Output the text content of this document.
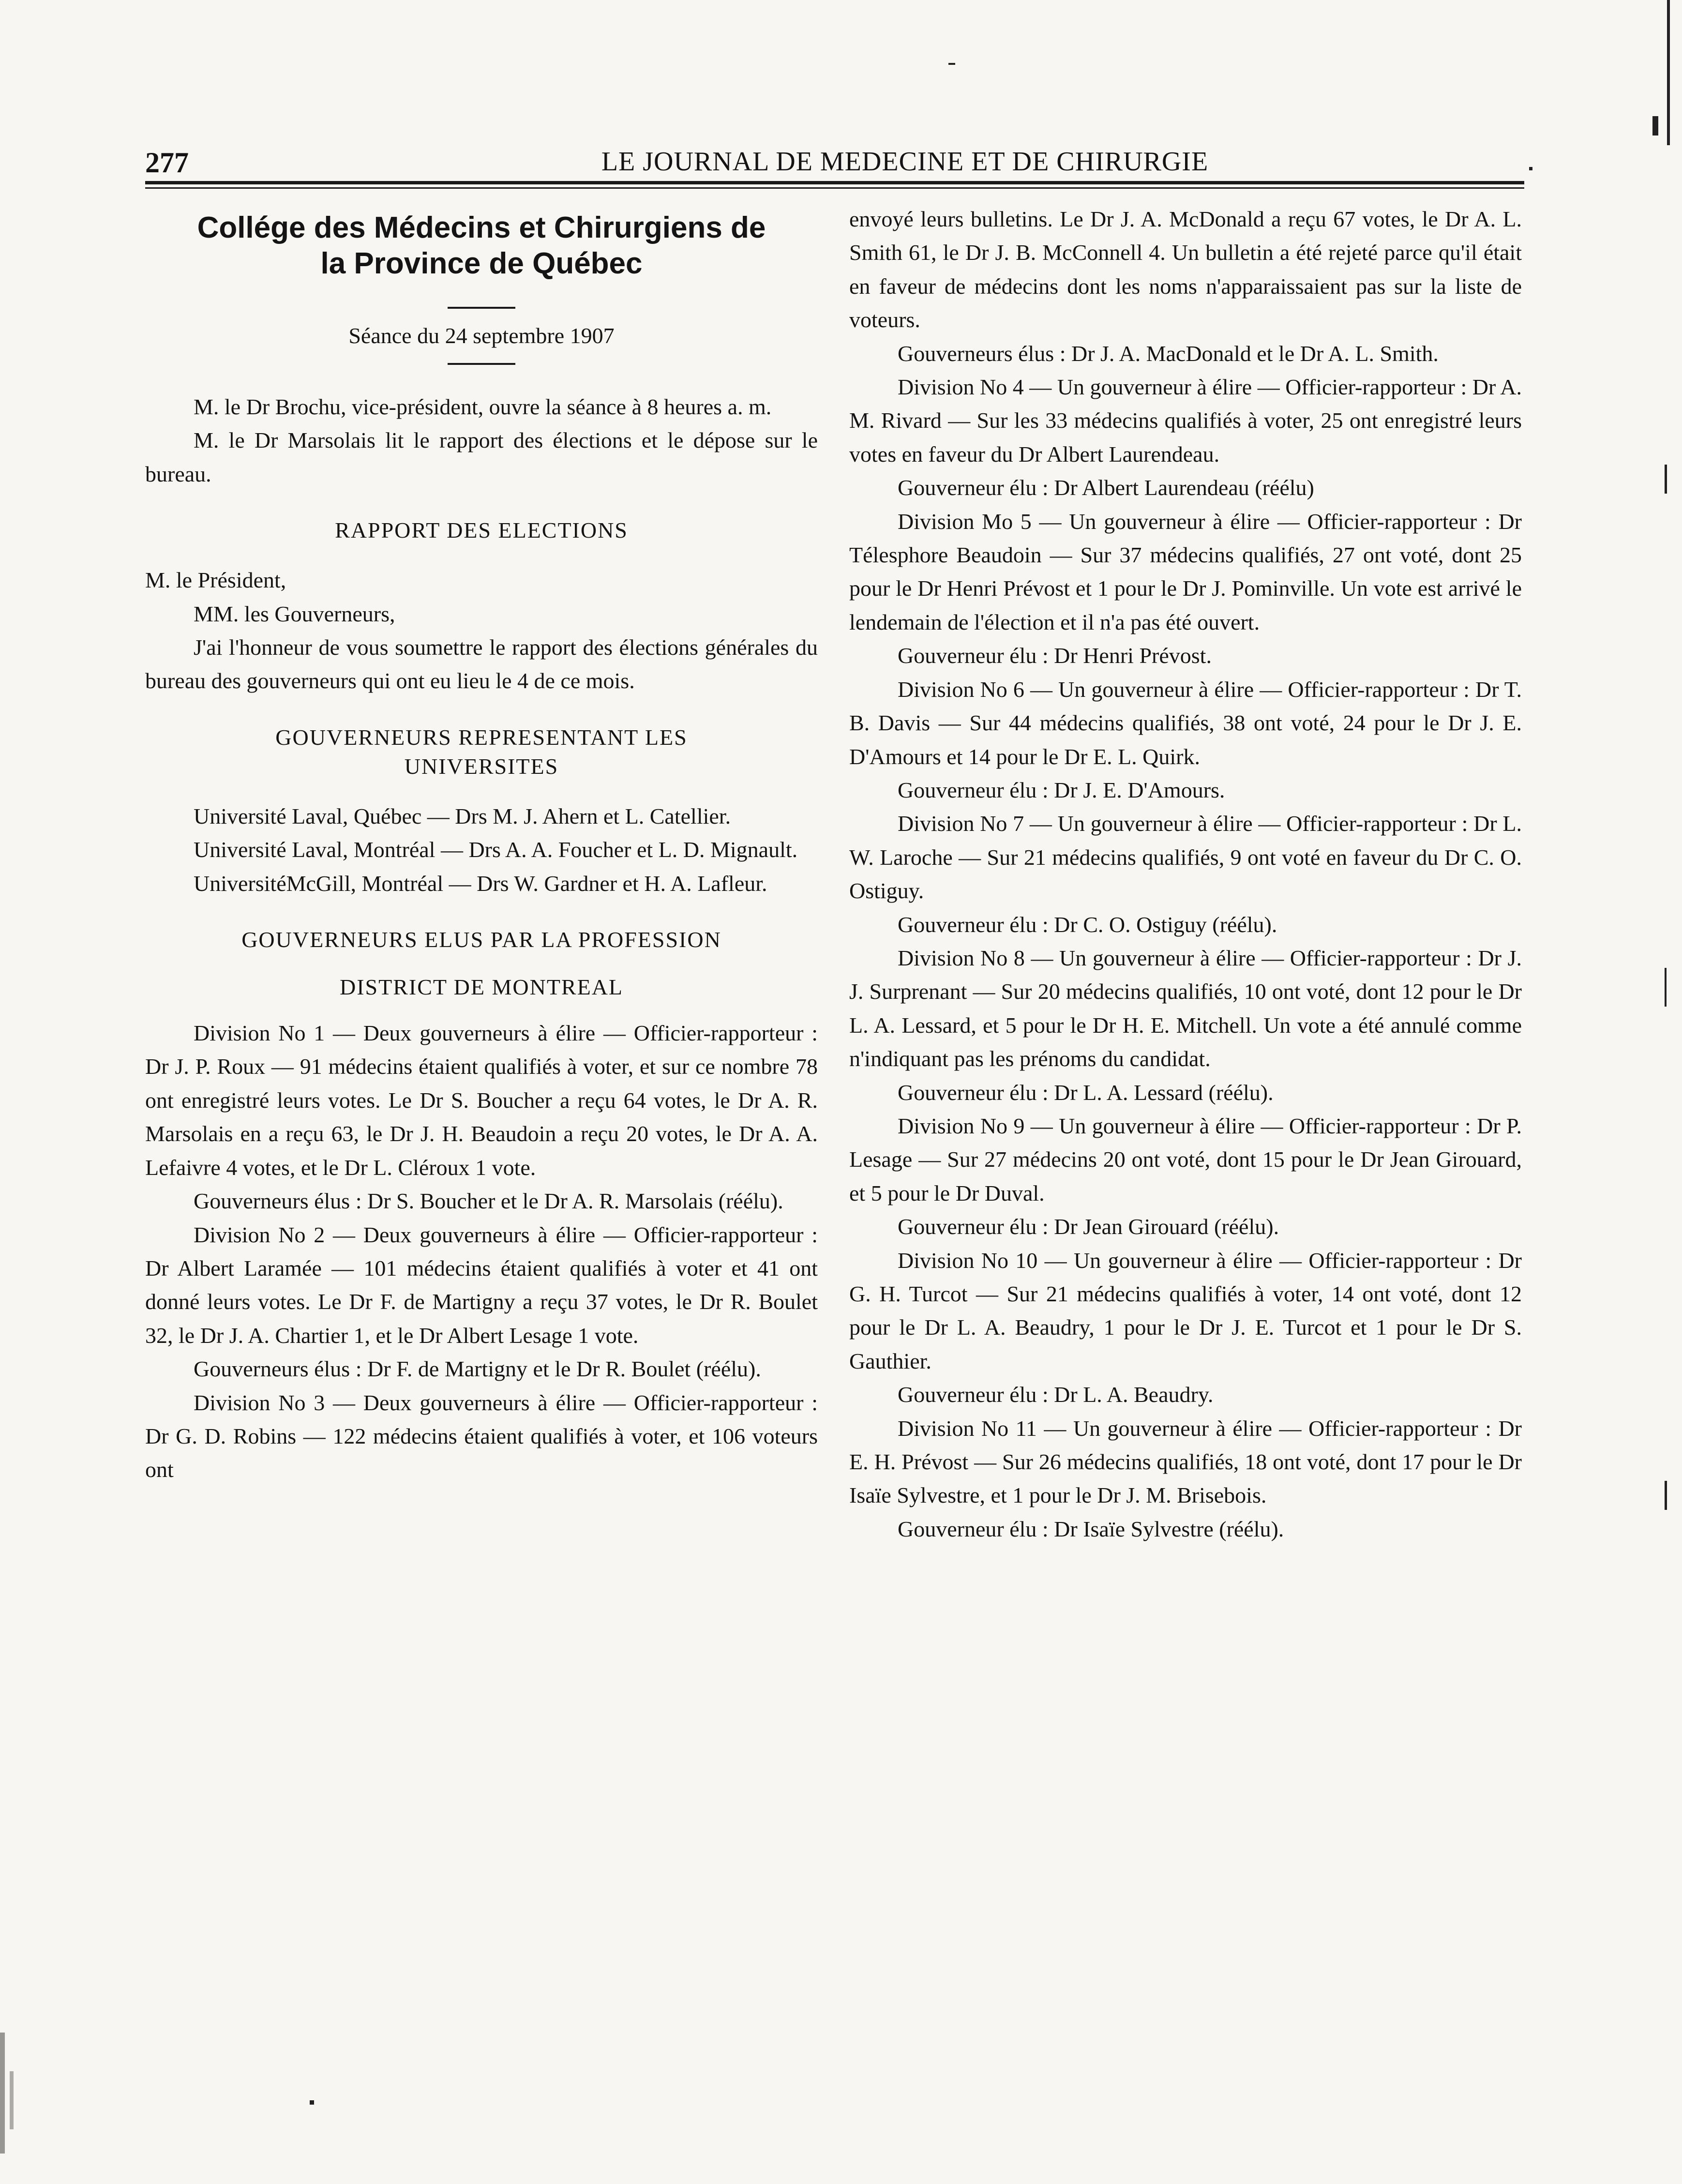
277	LE JOURNAL DE MEDECINE ET DE CHIRURGIE
Collége des Médecins et Chirurgiens de
la Province de Québec
Séance du 24 septembre 1907

M. le Dr Brochu, vice-président, ouvre la séance à 8 heures a. m.

M. le Dr Marsolais lit le rapport des élections et le dépose sur le bureau.

RAPPORT DES ELECTIONS

M. le Président,

MM. les Gouverneurs,

J'ai l'honneur de vous soumettre le rapport des élections générales du bureau des gouverneurs qui ont eu lieu le 4 de ce mois.

GOUVERNEURS REPRESENTANT LES
UNIVERSITES

Université Laval, Québec — Drs M. J. Ahern et L. Catellier.

Université Laval, Montréal — Drs A. A. Foucher et L. D. Mignault.

UniversitéMcGill, Montréal — Drs W. Gardner et H. A. Lafleur.

GOUVERNEURS ELUS PAR LA PROFESSION
DISTRICT DE MONTREAL

Division No 1 — Deux gouverneurs à élire — Officier-rapporteur : Dr J. P. Roux — 91 médecins étaient qualifiés à voter, et sur ce nombre 78 ont enregistré leurs votes. Le Dr S. Boucher a reçu 64 votes, le Dr A. R. Marsolais en a reçu 63, le Dr J. H. Beaudoin a reçu 20 votes, le Dr A. A. Lefaivre 4 votes, et le Dr L. Cléroux 1 vote.

Gouverneurs élus : Dr S. Boucher et le Dr A. R. Marsolais (réélu).

Division No 2 — Deux gouverneurs à élire — Officier-rapporteur : Dr Albert Laramée — 101 médecins étaient qualifiés à voter et 41 ont donné leurs votes. Le Dr F. de Martigny a reçu 37 votes, le Dr R. Boulet 32, le Dr J. A. Chartier 1, et le Dr Albert Lesage 1 vote.

Gouverneurs élus : Dr F. de Martigny et le Dr R. Boulet (réélu).

Division No 3 — Deux gouverneurs à élire — Officier-rapporteur : Dr G. D. Robins — 122 médecins étaient qualifiés à voter, et 106 voteurs ont

envoyé leurs bulletins. Le Dr J. A. McDonald a reçu 67 votes, le Dr A. L. Smith 61, le Dr J. B. McConnell 4. Un bulletin a été rejeté parce qu'il était en faveur de médecins dont les noms n'apparaissaient pas sur la liste de voteurs.

Gouverneurs élus : Dr J. A. MacDonald et le Dr A. L. Smith.

Division No 4 — Un gouverneur à élire — Officier-rapporteur : Dr A. M. Rivard — Sur les 33 médecins qualifiés à voter, 25 ont enregistré leurs votes en faveur du Dr Albert Laurendeau.

Gouverneur élu : Dr Albert Laurendeau (réélu)

Division Mo 5 — Un gouverneur à élire — Officier-rapporteur : Dr Télesphore Beaudoin — Sur 37 médecins qualifiés, 27 ont voté, dont 25 pour le Dr Henri Prévost et 1 pour le Dr J. Pominville. Un vote est arrivé le lendemain de l'élection et il n'a pas été ouvert.

Gouverneur élu : Dr Henri Prévost.

Division No 6 — Un gouverneur à élire — Officier-rapporteur : Dr T. B. Davis — Sur 44 médecins qualifiés, 38 ont voté, 24 pour le Dr J. E. D'Amours et 14 pour le Dr E. L. Quirk.

Gouverneur élu : Dr J. E. D'Amours.

Division No 7 — Un gouverneur à élire — Officier-rapporteur : Dr L. W. Laroche — Sur 21 médecins qualifiés, 9 ont voté en faveur du Dr C. O. Ostiguy.

Gouverneur élu : Dr C. O. Ostiguy (réélu).

Division No 8 — Un gouverneur à élire — Officier-rapporteur : Dr J. J. Surprenant — Sur 20 médecins qualifiés, 10 ont voté, dont 12 pour le Dr L. A. Lessard, et 5 pour le Dr H. E. Mitchell. Un vote a été annulé comme n'indiquant pas les prénoms du candidat.

Gouverneur élu : Dr L. A. Lessard (réélu).

Division No 9 — Un gouverneur à élire — Officier-rapporteur : Dr P. Lesage — Sur 27 médecins 20 ont voté, dont 15 pour le Dr Jean Girouard, et 5 pour le Dr Duval.

Gouverneur élu : Dr Jean Girouard (réélu).

Division No 10 — Un gouverneur à élire — Officier-rapporteur : Dr G. H. Turcot — Sur 21 médecins qualifiés à voter, 14 ont voté, dont 12 pour le Dr L. A. Beaudry, 1 pour le Dr J. E. Turcot et 1 pour le Dr S. Gauthier.

Gouverneur élu : Dr L. A. Beaudry.

Division No 11 — Un gouverneur à élire — Officier-rapporteur : Dr E. H. Prévost — Sur 26 médecins qualifiés, 18 ont voté, dont 17 pour le Dr Isaïe Sylvestre, et 1 pour le Dr J. M. Brisebois.

Gouverneur élu : Dr Isaïe Sylvestre (réélu).
